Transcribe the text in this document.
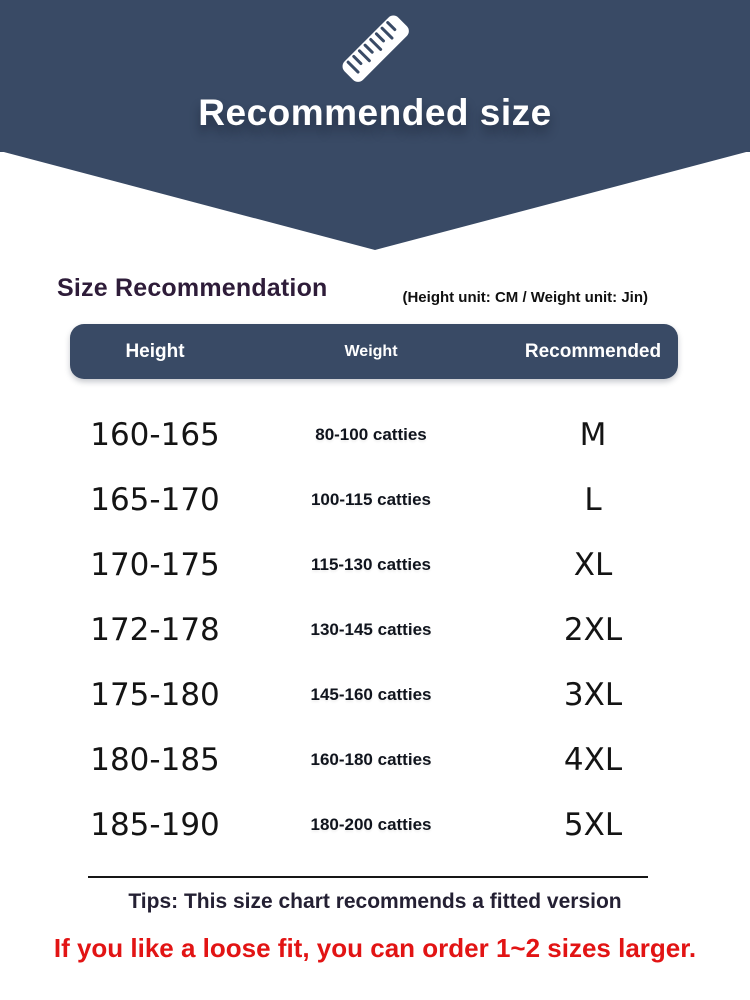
Recommended size
Size Recommendation	(Height unit: CM / Weight unit: Jin)
Height	Weight	Recommended size
160-165	80-100 catties	M
165-170	100-115 catties	L
170-175	115-130 catties	XL
172-178	130-145 catties	2XL
175-180	145-160 catties	3XL
180-185	160-180 catties	4XL
185-190	180-200 catties	5XL
Tips: This size chart recommends a fitted version
If you like a loose fit, you can order 1~2 sizes larger.
